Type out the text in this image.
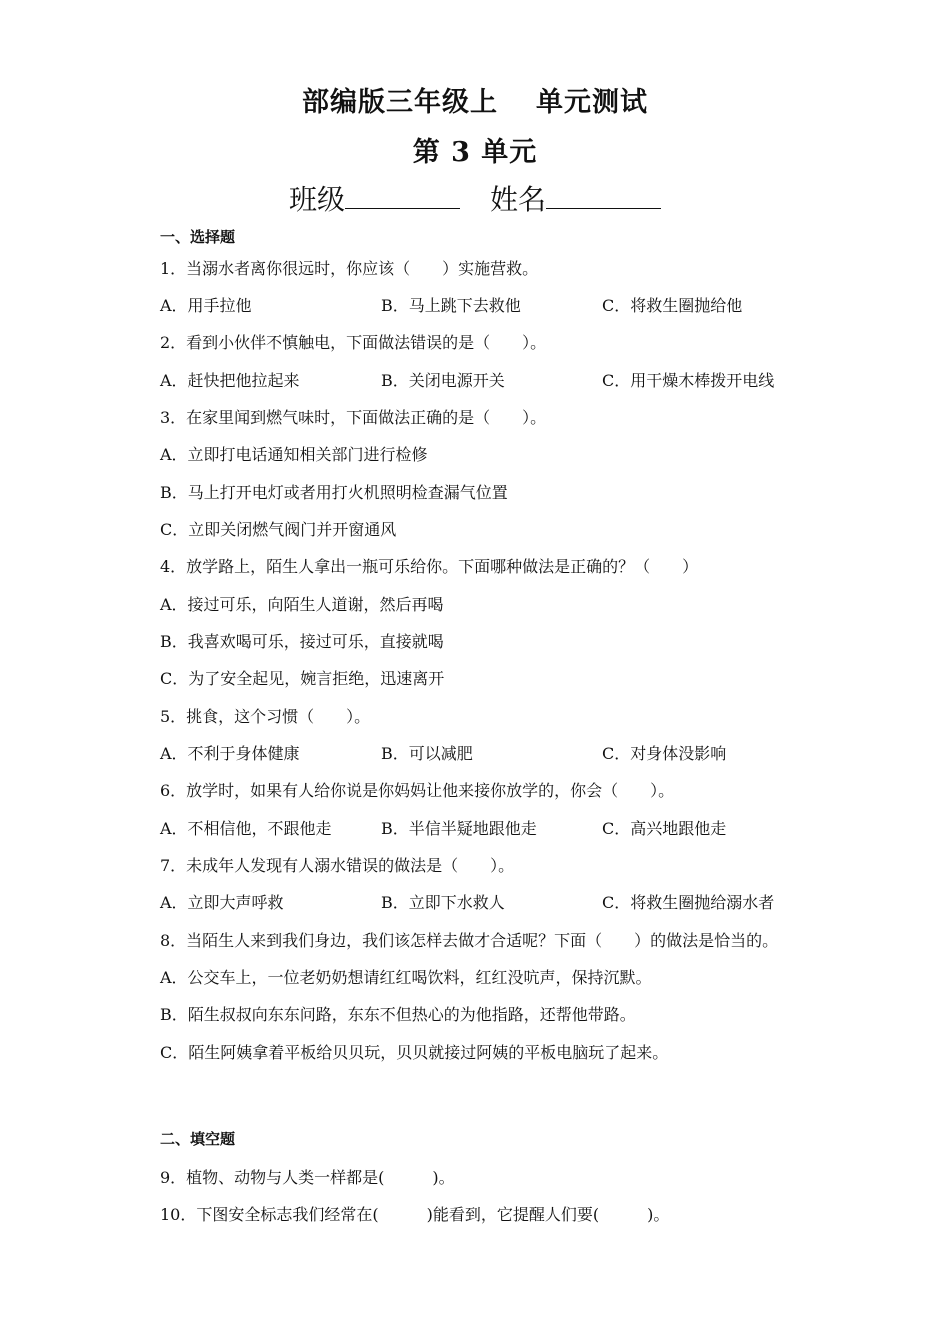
部编版三年级上 单元测试
第 3 单元
班级	姓名
一、选择题
1．当溺水者离你很远时，你应该（　　）实施营救。
A．用手拉他	B．马上跳下去救他	C．将救生圈抛给他
2．看到小伙伴不慎触电，下面做法错误的是（　　）。
A．赶快把他拉起来	B．关闭电源开关	C．用干燥木棒拨开电线
3．在家里闻到燃气味时，下面做法正确的是（　　）。
A．立即打电话通知相关部门进行检修
B．马上打开电灯或者用打火机照明检查漏气位置
C．立即关闭燃气阀门并开窗通风
4．放学路上，陌生人拿出一瓶可乐给你。下面哪种做法是正确的？（　　）
A．接过可乐，向陌生人道谢，然后再喝
B．我喜欢喝可乐，接过可乐，直接就喝
C．为了安全起见，婉言拒绝，迅速离开
5．挑食，这个习惯（　　）。
A．不利于身体健康	B．可以减肥	C．对身体没影响
6．放学时，如果有人给你说是你妈妈让他来接你放学的，你会（　　）。
A．不相信他，不跟他走	B．半信半疑地跟他走	C．高兴地跟他走
7．未成年人发现有人溺水错误的做法是（　　）。
A．立即大声呼救	B．立即下水救人	C．将救生圈抛给溺水者
8．当陌生人来到我们身边，我们该怎样去做才合适呢？下面（　　）的做法是恰当的。
A．公交车上，一位老奶奶想请红红喝饮料，红红没吭声，保持沉默。
B．陌生叔叔向东东问路，东东不但热心的为他指路，还帮他带路。
C．陌生阿姨拿着平板给贝贝玩，贝贝就接过阿姨的平板电脑玩了起来。
二、填空题
9．植物、动物与人类一样都是(　　　)。
10．下图安全标志我们经常在(　　　)能看到，它提醒人们要(　　　)。
